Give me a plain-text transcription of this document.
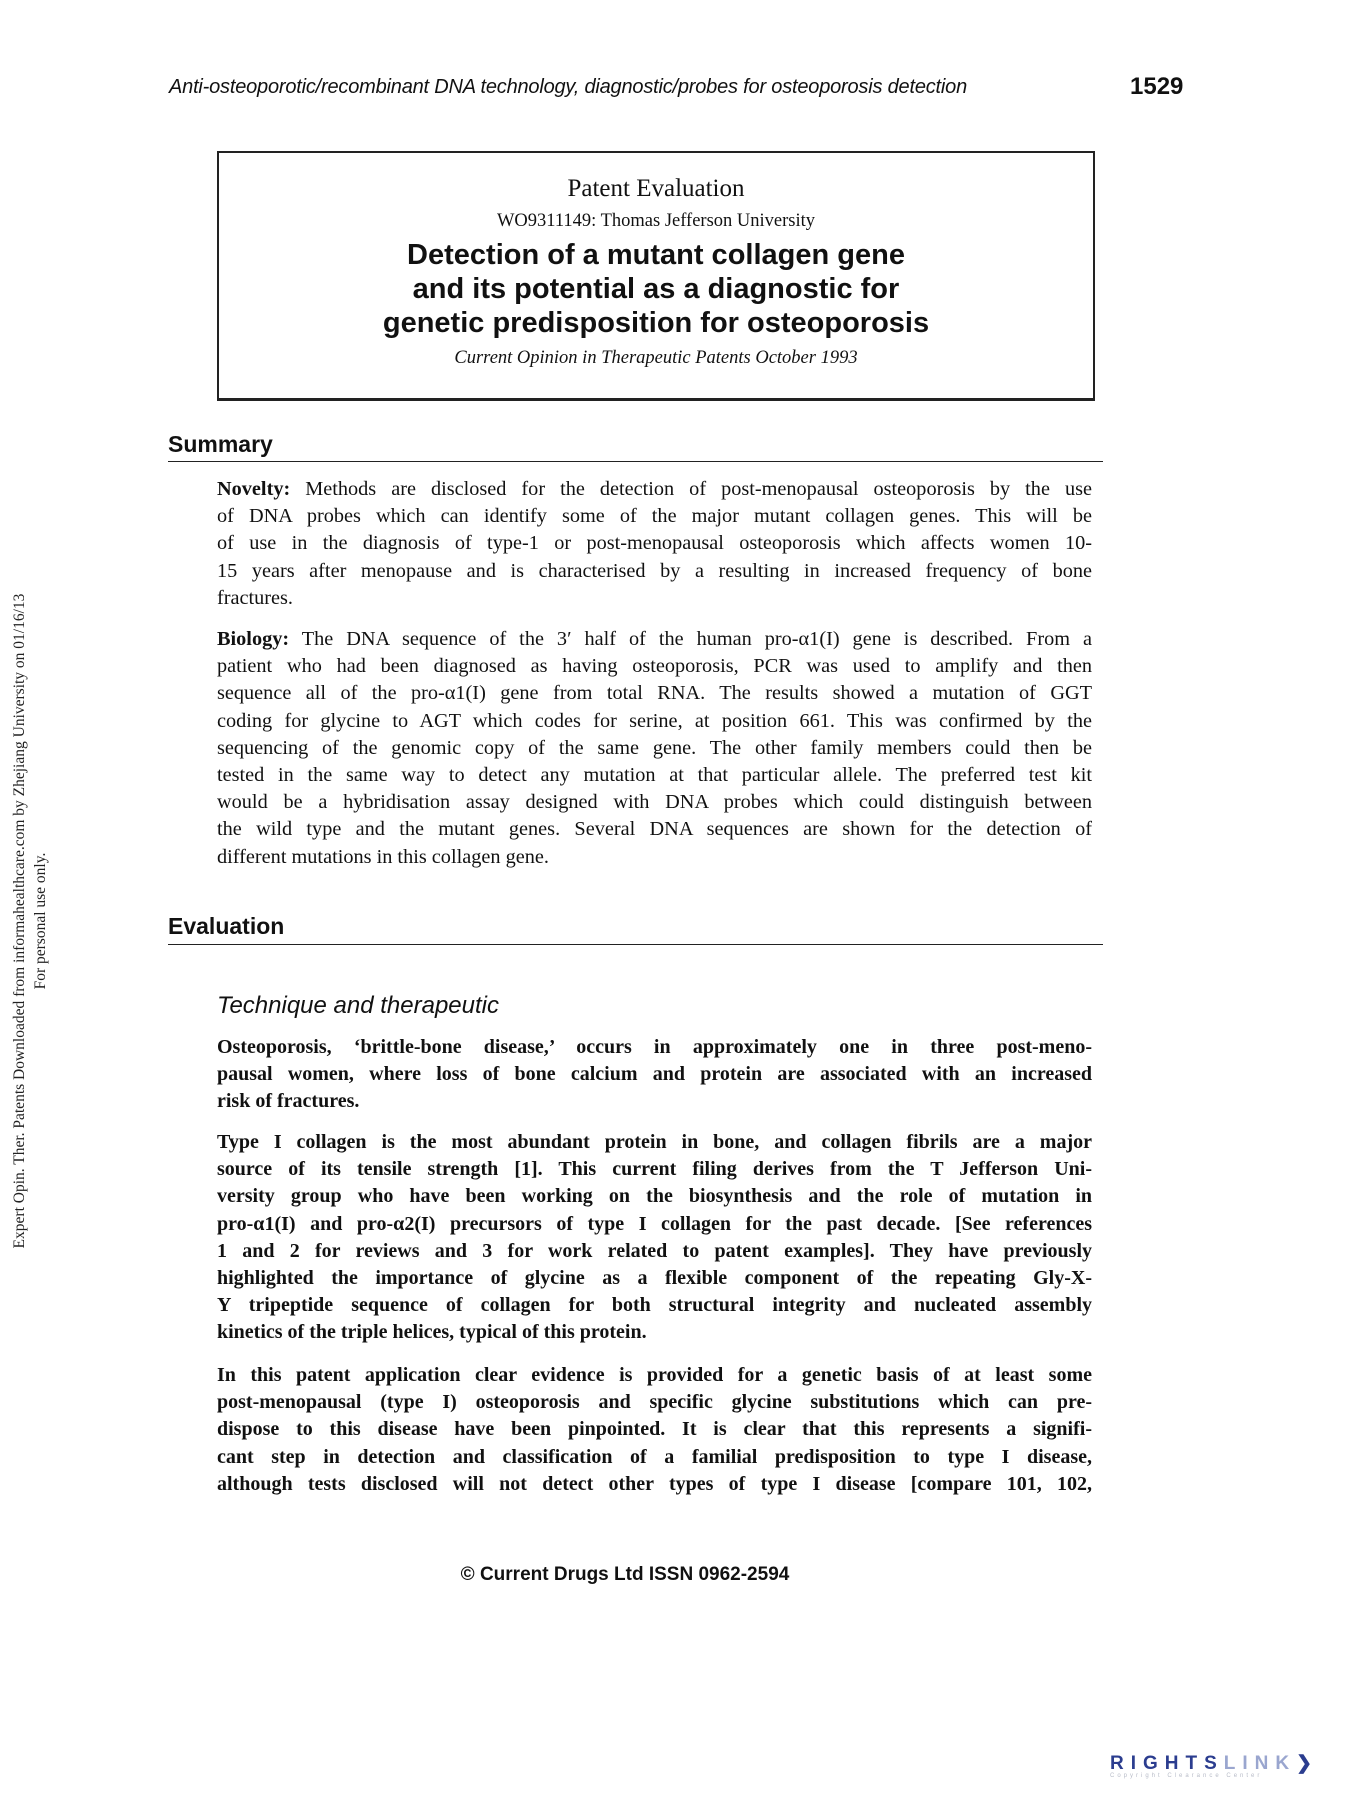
Anti-osteoporotic/recombinant DNA technology, diagnostic/probes for osteoporosis detection	1529
Expert Opin. Ther. Patents Downloaded from informahealthcare.com by Zhejiang University on 01/16/13 For personal use only.
Patent Evaluation
WO9311149: Thomas Jefferson University
Detection of a mutant collagen gene
and its potential as a diagnostic for
genetic predisposition for osteoporosis
Current Opinion in Therapeutic Patents October 1993
Summary
Novelty: Methods are disclosed for the detection of post-menopausal osteoporosis by the use
of DNA probes which can identify some of the major mutant collagen genes. This will be
of use in the diagnosis of type-1 or post-menopausal osteoporosis which affects women 10-
15 years after menopause and is characterised by a resulting in increased frequency of bone
fractures.
Biology: The DNA sequence of the 3′ half of the human pro-α1(I) gene is described. From a
patient who had been diagnosed as having osteoporosis, PCR was used to amplify and then
sequence all of the pro-α1(I) gene from total RNA. The results showed a mutation of GGT
coding for glycine to AGT which codes for serine, at position 661. This was confirmed by the
sequencing of the genomic copy of the same gene. The other family members could then be
tested in the same way to detect any mutation at that particular allele. The preferred test kit
would be a hybridisation assay designed with DNA probes which could distinguish between
the wild type and the mutant genes. Several DNA sequences are shown for the detection of
different mutations in this collagen gene.
Evaluation
Technique and therapeutic
Osteoporosis, ‘brittle-bone disease,’ occurs in approximately one in three post-meno-
pausal women, where loss of bone calcium and protein are associated with an increased
risk of fractures.
Type I collagen is the most abundant protein in bone, and collagen fibrils are a major
source of its tensile strength [1]. This current filing derives from the T Jefferson Uni-
versity group who have been working on the biosynthesis and the role of mutation in
pro-α1(I) and pro-α2(I) precursors of type I collagen for the past decade. [See references
1 and 2 for reviews and 3 for work related to patent examples]. They have previously
highlighted the importance of glycine as a flexible component of the repeating Gly-X-
Y tripeptide sequence of collagen for both structural integrity and nucleated assembly
kinetics of the triple helices, typical of this protein.
In this patent application clear evidence is provided for a genetic basis of at least some
post-menopausal (type I) osteoporosis and specific glycine substitutions which can pre-
dispose to this disease have been pinpointed. It is clear that this represents a signifi-
cant step in detection and classification of a familial predisposition to type I disease,
although tests disclosed will not detect other types of type I disease [compare 101, 102,
© Current Drugs Ltd ISSN 0962-2594
RIGHTSLINK❯
Copyright Clearance Center
